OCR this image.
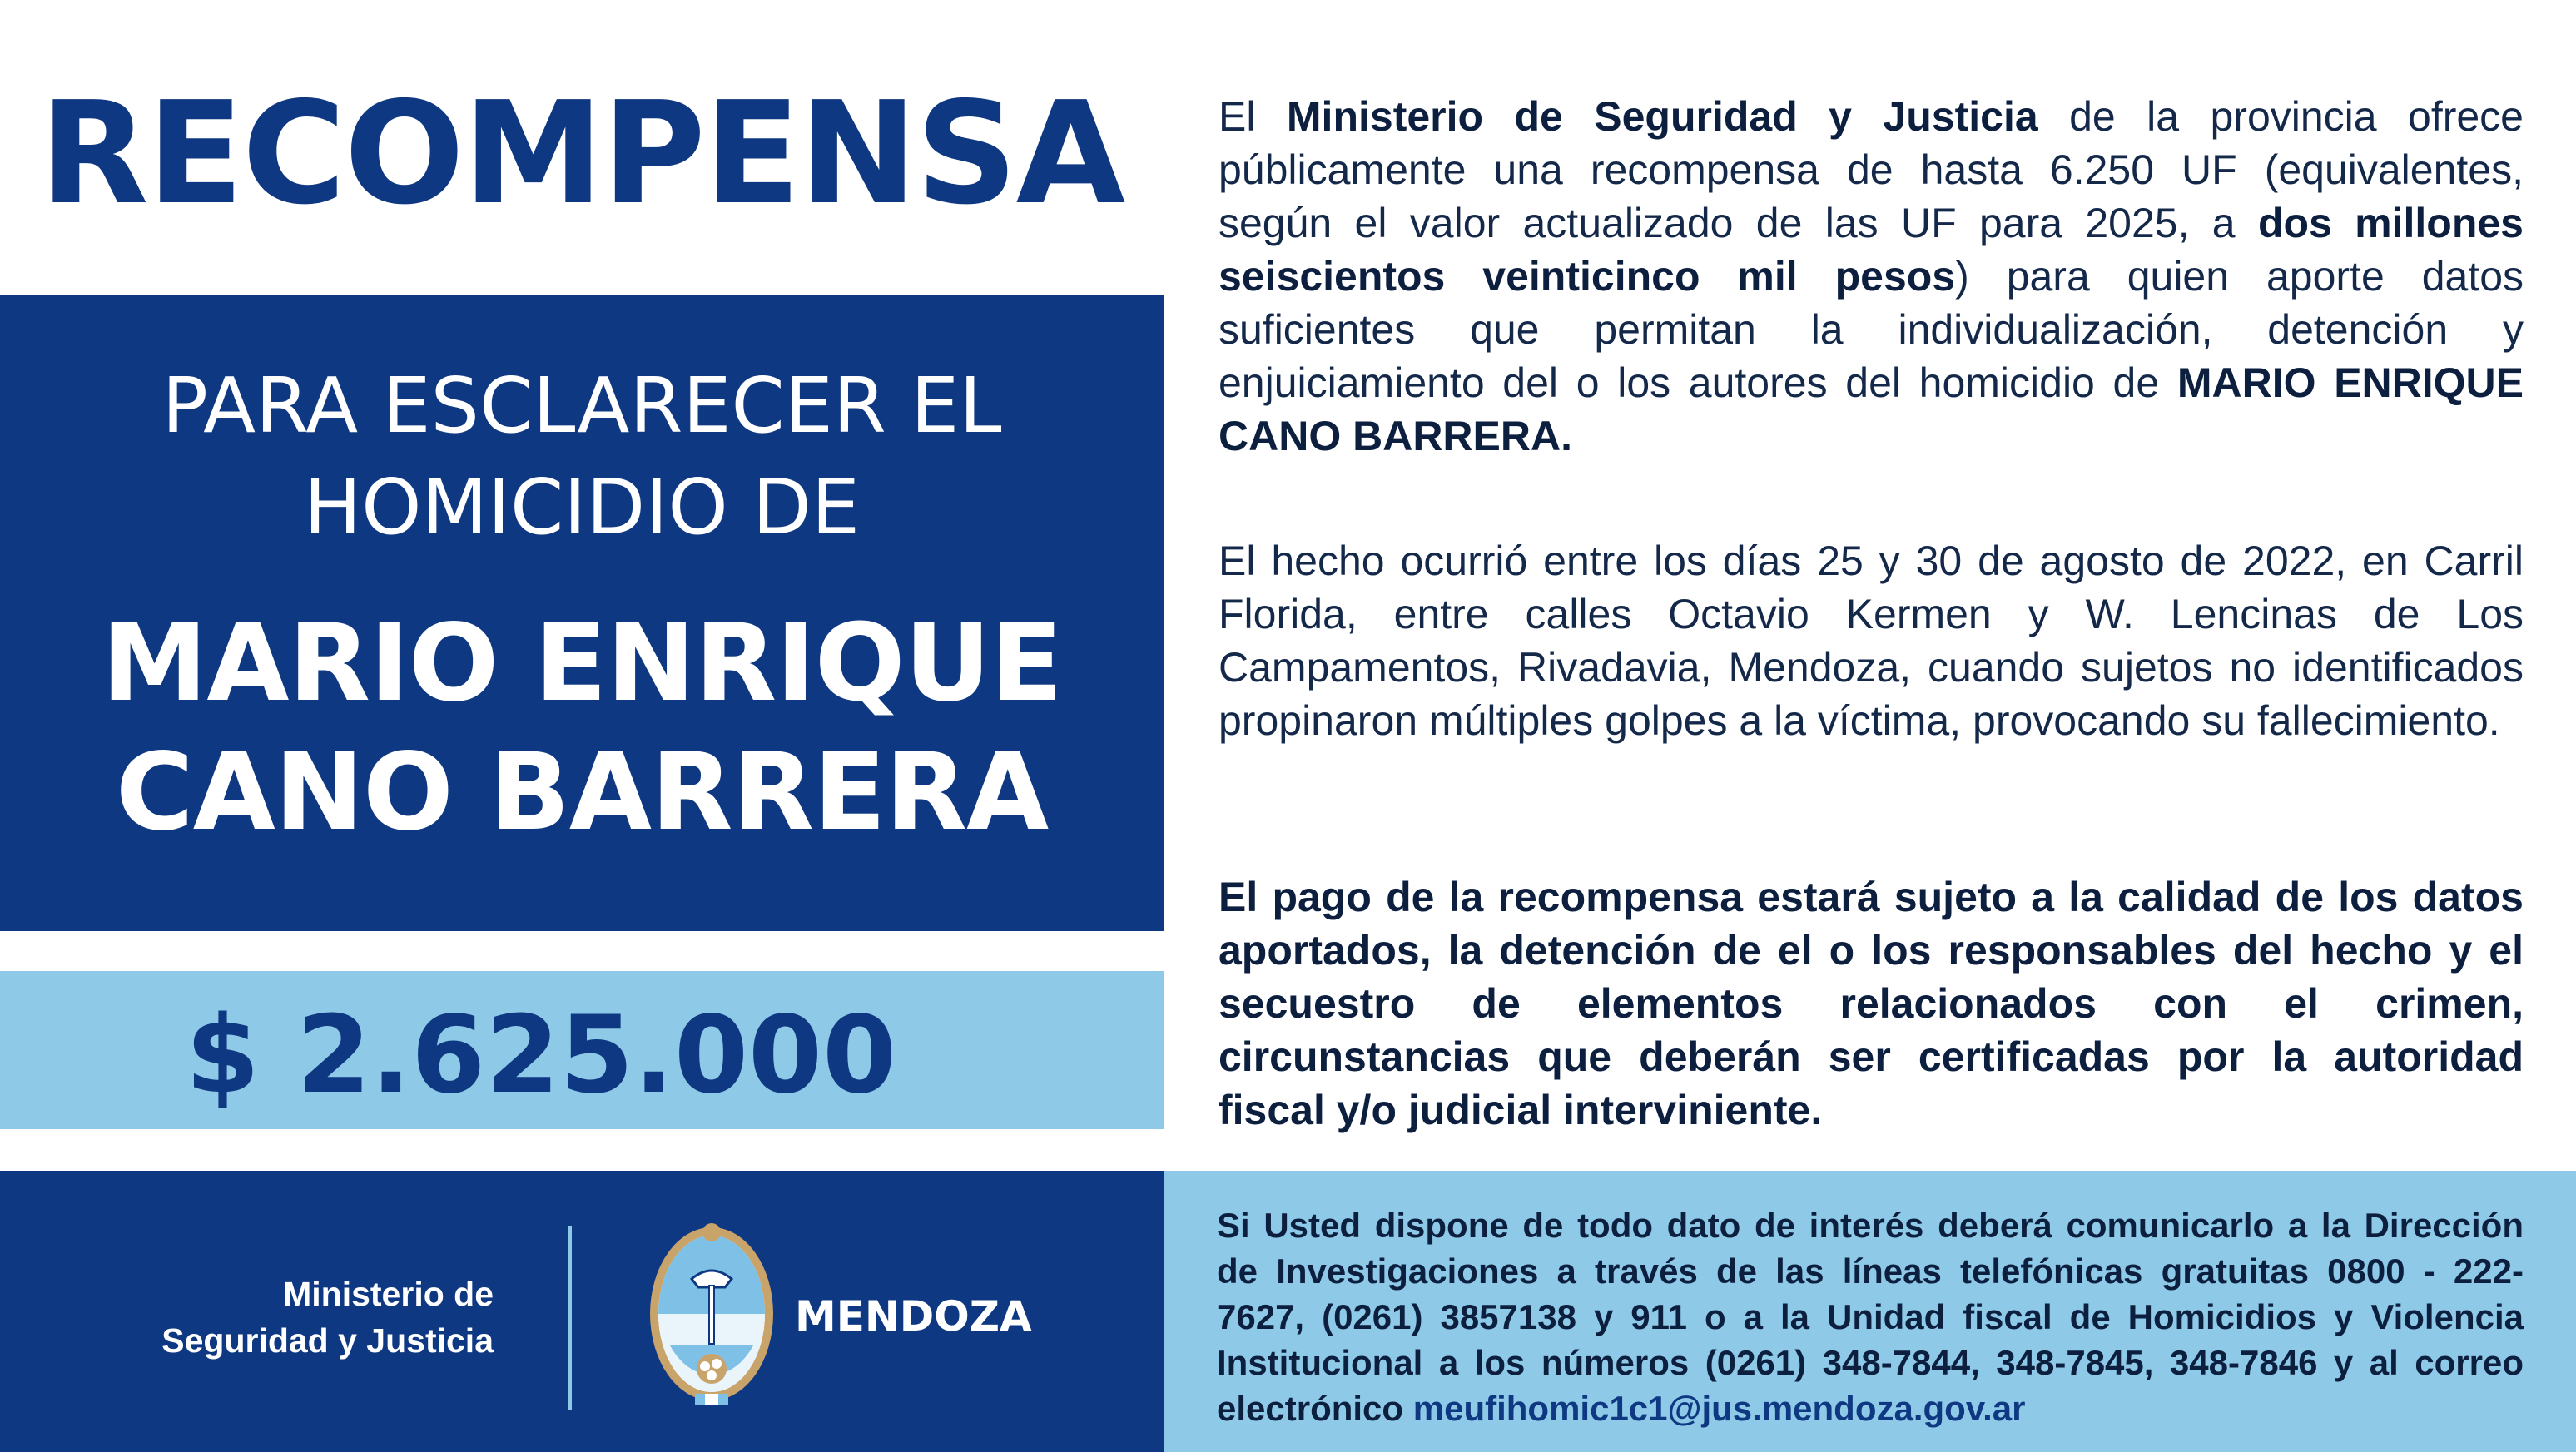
RECOMPENSA
PARA ESCLARECER EL
HOMICIDIO DE
MARIO ENRIQUE
CANO BARRERA
$ 2.625.000
El Ministerio de Seguridad y Justicia de la provincia ofrece públicamente una recompensa de hasta 6.250 UF (equivalentes, según el valor actualizado de las UF para 2025, a dos millones seiscientos veinticinco mil pesos) para quien aporte datos suficientes que permitan la individualización, detención y enjuiciamiento del o los autores del homicidio de MARIO ENRIQUE CANO BARRERA.
El hecho ocurrió entre los días 25 y 30 de agosto de 2022, en Carril Florida, entre calles Octavio Kermen y W. Lencinas de Los Campamentos, Rivadavia, Mendoza, cuando sujetos no identificados propinaron múltiples golpes a la víctima, provocando su fallecimiento.
El pago de la recompensa estará sujeto a la calidad de los datos aportados, la detención de el o los responsables del hecho y el secuestro de elementos relacionados con el crimen, circunstancias que deberán ser certificadas por la autoridad fiscal y/o judicial interviniente.
Ministerio de
Seguridad y Justicia	MENDOZA
Si Usted dispone de todo dato de interés deberá comunicarlo a la Dirección de Investigaciones a través de las líneas telefónicas gratuitas 0800 - 222- 7627, (0261) 3857138 y 911 o a la Unidad fiscal de Homicidios y Violencia Institucional a los números (0261) 348-7844, 348-7845, 348-7846 y al correo electrónico meufihomic1c1@jus.mendoza.gov.ar
